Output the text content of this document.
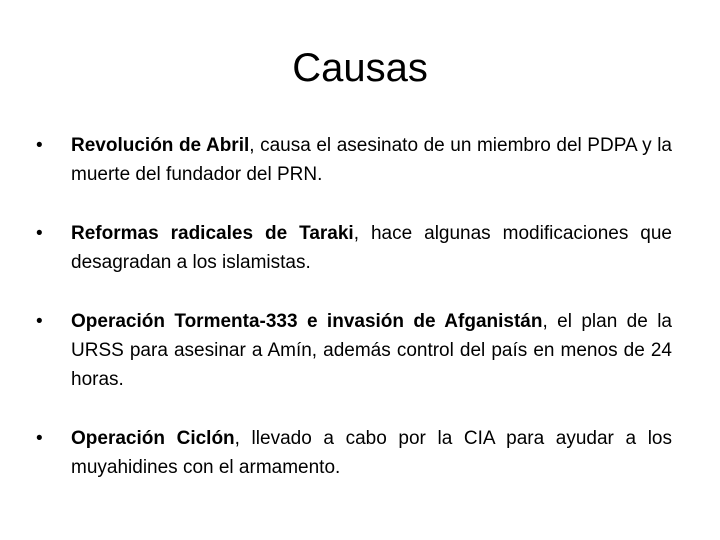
Causas
•	Revolución de Abril, causa el asesinato de un miembro del PDPA y la muerte del fundador del PRN.
•	Reformas radicales de Taraki, hace algunas modificaciones que desagradan a los islamistas.
•	Operación Tormenta-333 e invasión de Afganistán, el plan de la URSS para asesinar a Amín, además control del país en menos de 24 horas.
•	Operación Ciclón, llevado a cabo por la CIA para ayudar a los muyahidines con el armamento.
